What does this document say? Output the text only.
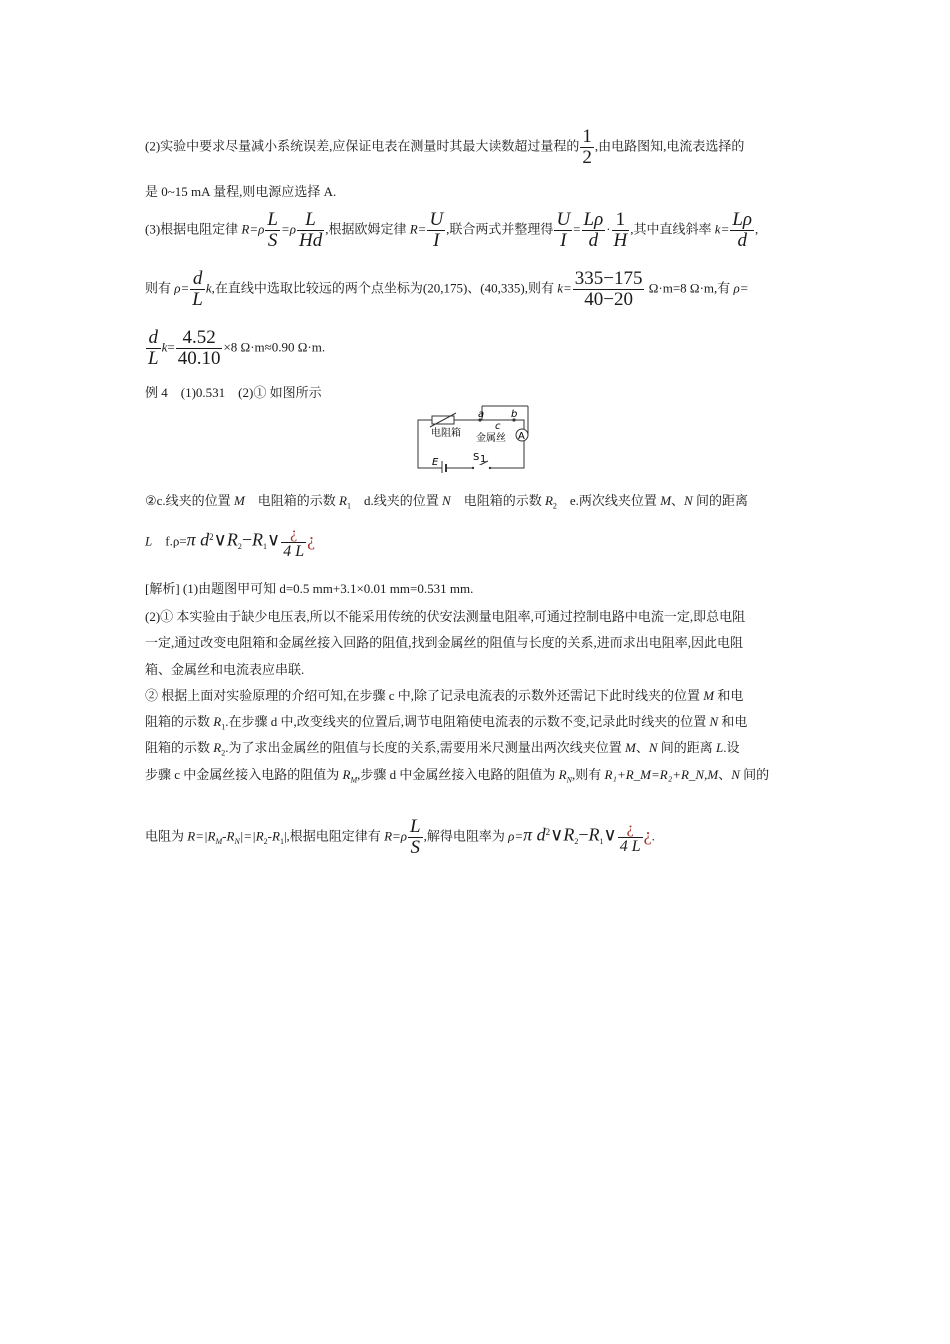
(2)实验中要求尽量减小系统误差,应保证电表在测量时其最大读数超过量程的 $\frac{1}{2}$ ,由电路图知,电流表选择的
是 0~15 mA 量程,则电源应选择 A.
(3)根据电阻定律 $R=\rho \frac{L}{S} =\rho \frac{L}{Hd}$ ,根据欧姆定律 $R= \frac{U}{I}$ ,联合两式并整理得 $\frac{U}{I} = \frac{L\rho}{d} \cdot \frac{1}{H}$ ,其中直线斜率 $k= \frac{L\rho}{d}$ ,
则有 $\rho= \frac{d}{L} k$,在直线中选取比较远的两个点坐标为(20,175)、(40,335),则有 $k= \frac{335-175}{40-20} \Omega\cdot m=8$ Ω·m,有 ρ=
$\frac{d}{L} k= \frac{4.52}{40.10} \times 8$ Ω·m≈0.90 Ω·m.
例 4　(1)0.531　(2)① 如图所示
电阻箱 金属丝
a	b
c
A
E	S 1
②c.线夹的位置 M　电阻箱的示数 $R_1$　d.线夹的位置 N　电阻箱的示数 $R_2$　e.两次线夹位置 M、N 间的距离
L　f.ρ=π $d^2\vee R_2-R_1\vee \frac{¿}{4 L}$ ¿
[解析] (1)由题图甲可知 d=0.5 mm+3.1×0.01 mm=0.531 mm.
(2)① 本实验由于缺少电压表,所以不能采用传统的伏安法测量电阻率,可通过控制电路中电流一定,即总电阻
一定,通过改变电阻箱和金属丝接入回路的阻值,找到金属丝的阻值与长度的关系,进而求出电阻率,因此电阻
箱、金属丝和电流表应串联.
② 根据上面对实验原理的介绍可知,在步骤 c 中,除了记录电流表的示数外还需记下此时线夹的位置 M 和电
阻箱的示数 $R_1$.在步骤 d 中,改变线夹的位置后,调节电阻箱使电流表的示数不变,记录此时线夹的位置 N 和电
阻箱的示数 $R_2$.为了求出金属丝的阻值与长度的关系,需要用米尺测量出两次线夹位置 M、N 间的距离 L.设
步骤 c 中金属丝接入电路的阻值为 $R_M$,步骤 d 中金属丝接入电路的阻值为 $R_N$,则有 R₁+R_M=R₂+R_N,M、N 间的
电阻为 $R=|R_M-R_N|=|R_2-R_1|$,根据电阻定律有 $R=\rho \frac{L}{S}$ ,解得电阻率为 ρ=π $d^2\vee R_2-R_1\vee \frac{¿}{4 L}$ ¿.
